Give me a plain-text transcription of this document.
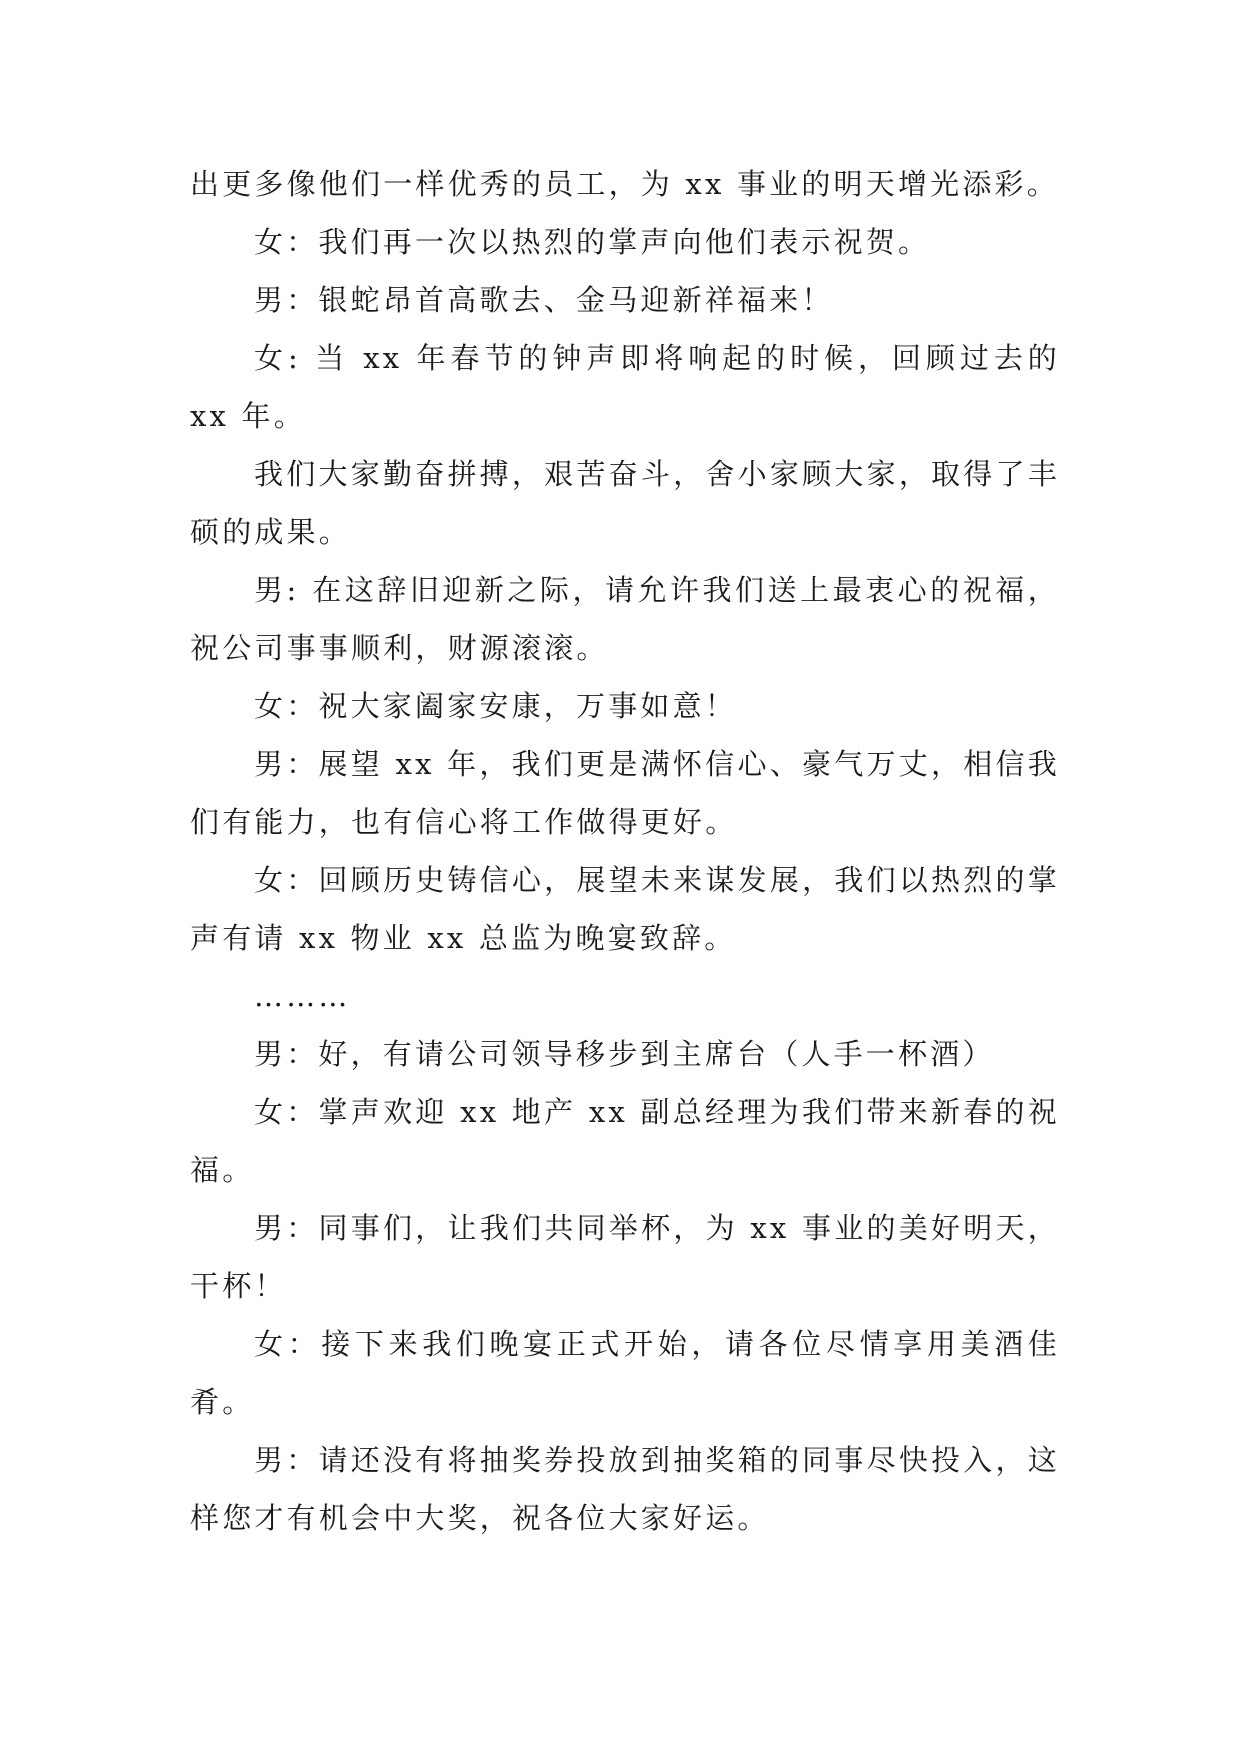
出更多像他们一样优秀的员工，为 xx 事业的明天增光添彩。

女：我们再一次以热烈的掌声向他们表示祝贺。

男：银蛇昂首高歌去、金马迎新祥福来！

女: 当 xx 年春节的钟声即将响起的时候，回顾过去的 xx 年。

我们大家勤奋拼搏，艰苦奋斗，舍小家顾大家，取得了丰硕的成果。

男: 在这辞旧迎新之际，请允许我们送上最衷心的祝福，祝公司事事顺利，财源滚滚。

女：祝大家阖家安康，万事如意！

男：展望 xx 年，我们更是满怀信心、豪气万丈，相信我们有能力，也有信心将工作做得更好。

女：回顾历史铸信心，展望未来谋发展，我们以热烈的掌声有请 xx 物业 xx 总监为晚宴致辞。

………

男：好，有请公司领导移步到主席台（人手一杯酒）

女：掌声欢迎 xx 地产 xx 副总经理为我们带来新春的祝福。

男：同事们，让我们共同举杯，为 xx 事业的美好明天，干杯！

女：接下来我们晚宴正式开始，请各位尽情享用美酒佳肴。

男：请还没有将抽奖券投放到抽奖箱的同事尽快投入，这样您才有机会中大奖，祝各位大家好运。
